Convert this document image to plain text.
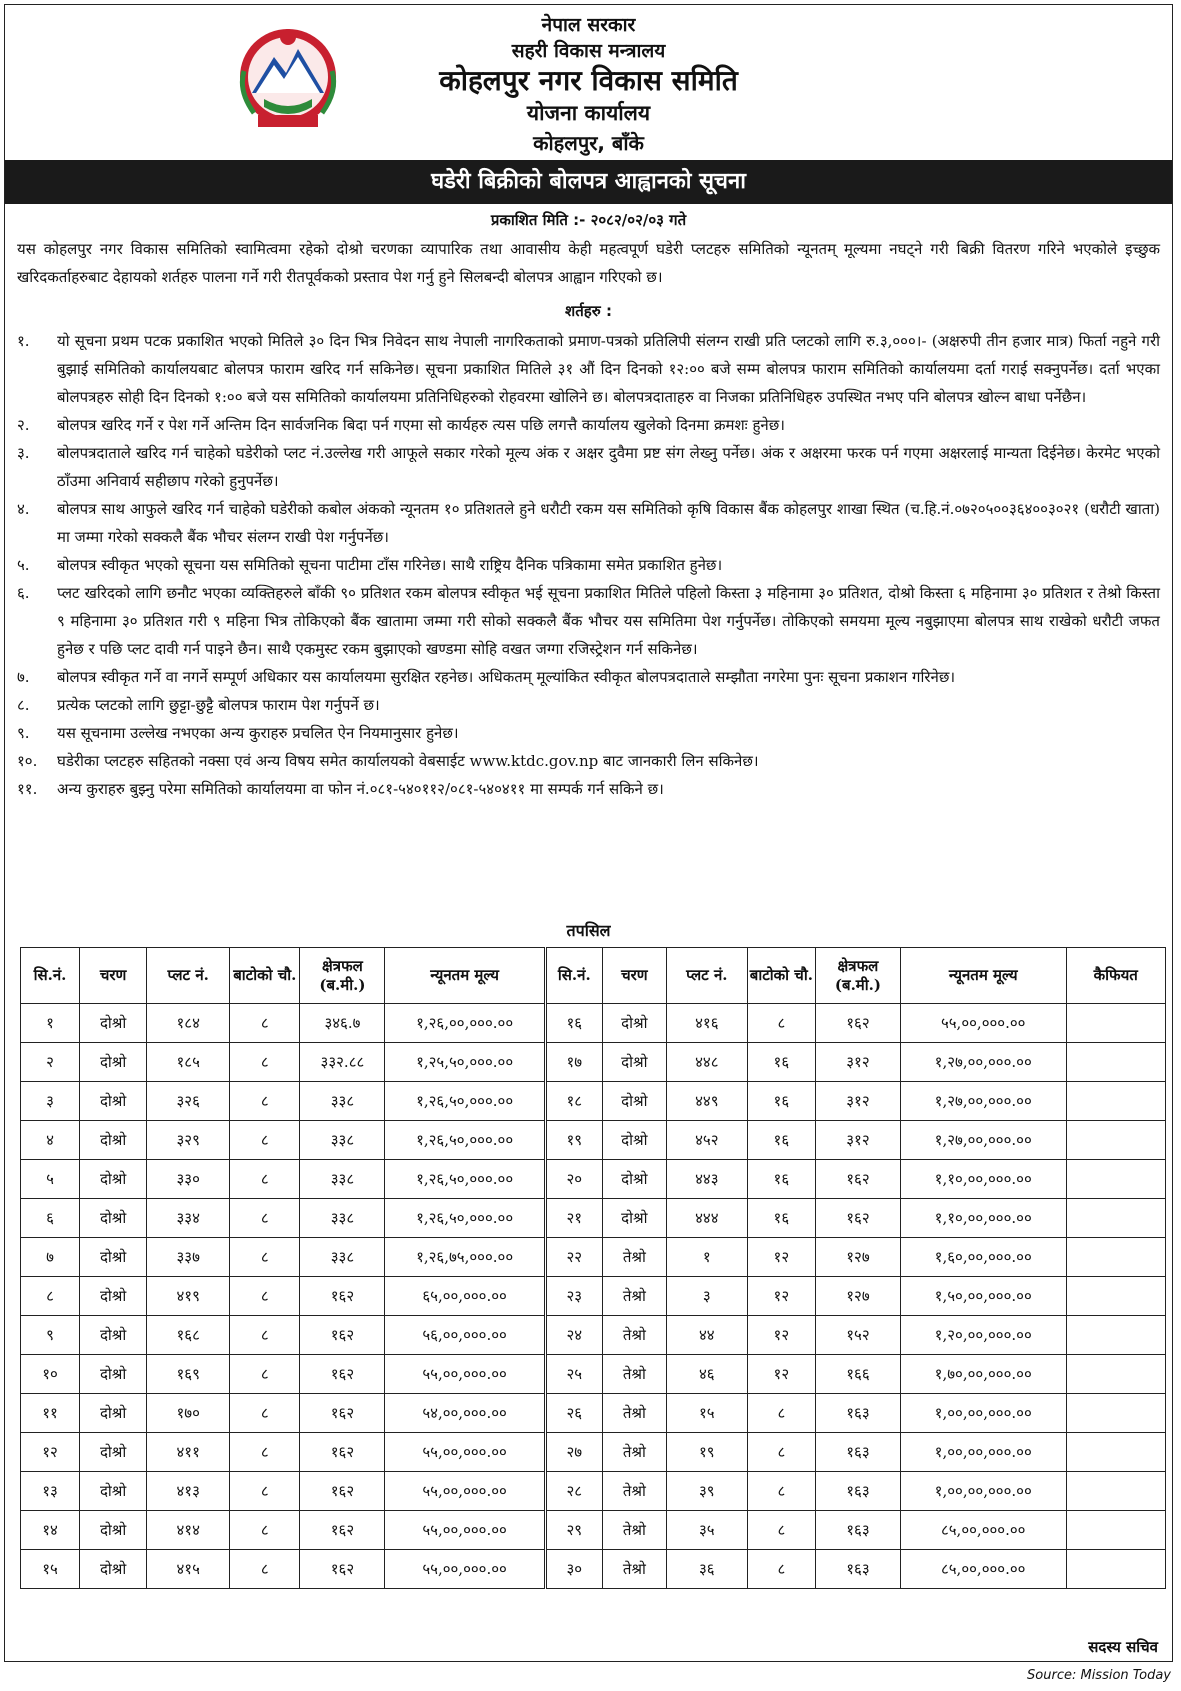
नेपाल सरकार
सहरी विकास मन्त्रालय
कोहलपुर नगर विकास समिति
योजना कार्यालय
कोहलपुर, बाँके
घडेरी बिक्रीको बोलपत्र आह्वानको सूचना
प्रकाशित मिति :- २०८२/०२/०३ गते
यस कोहलपुर नगर विकास समितिको स्वामित्वमा रहेको दोश्रो चरणका व्यापारिक तथा आवासीय केही महत्वपूर्ण घडेरी प्लटहरु समितिको न्यूनतम् मूल्यमा नघट्ने गरी बिक्री वितरण गरिने भएकोले इच्छुक खरिदकर्ताहरुबाट देहायको शर्तहरु पालना गर्ने गरी रीतपूर्वकको प्रस्ताव पेश गर्नु हुने सिलबन्दी बोलपत्र आह्वान गरिएको छ।
शर्तहरु :
१.	यो सूचना प्रथम पटक प्रकाशित भएको मितिले ३० दिन भित्र निवेदन साथ नेपाली नागरिकताको प्रमाण-पत्रको प्रतिलिपी संलग्न राखी प्रति प्लटको लागि रु.३,०००।- (अक्षरुपी तीन हजार मात्र) फिर्ता नहुने गरी बुझाई समितिको कार्यालयबाट बोलपत्र फाराम खरिद गर्न सकिनेछ। सूचना प्रकाशित मितिले ३१ औं दिन दिनको १२:०० बजे सम्म बोलपत्र फाराम समितिको कार्यालयमा दर्ता गराई सक्नुपर्नेछ। दर्ता भएका बोलपत्रहरु सोही दिन दिनको १:०० बजे यस समितिको कार्यालयमा प्रतिनिधिहरुको रोहवरमा खोलिने छ। बोलपत्रदाताहरु वा निजका प्रतिनिधिहरु उपस्थित नभए पनि बोलपत्र खोल्न बाधा पर्नेछैन।
२.	बोलपत्र खरिद गर्ने र पेश गर्ने अन्तिम दिन सार्वजनिक बिदा पर्न गएमा सो कार्यहरु त्यस पछि लगत्तै कार्यालय खुलेको दिनमा क्रमशः हुनेछ।
३.	बोलपत्रदाताले खरिद गर्न चाहेको घडेरीको प्लट नं.उल्लेख गरी आफूले सकार गरेको मूल्य अंक र अक्षर दुवैमा प्रष्ट संग लेख्नु पर्नेछ। अंक र अक्षरमा फरक पर्न गएमा अक्षरलाई मान्यता दिईनेछ। केरमेट भएको ठाँउमा अनिवार्य सहीछाप गरेको हुनुपर्नेछ।
४.	बोलपत्र साथ आफुले खरिद गर्न चाहेको घडेरीको कबोल अंकको न्यूनतम १० प्रतिशतले हुने धरौटी रकम यस समितिको कृषि विकास बैंक कोहलपुर शाखा स्थित (च.हि.नं.०७२०५००३६४००३०२१ (धरौटी खाता) मा जम्मा गरेको सक्कलै बैंक भौचर संलग्न राखी पेश गर्नुपर्नेछ।
५.	बोलपत्र स्वीकृत भएको सूचना यस समितिको सूचना पाटीमा टाँस गरिनेछ। साथै राष्ट्रिय दैनिक पत्रिकामा समेत प्रकाशित हुनेछ।
६.	प्लट खरिदको लागि छनौट भएका व्यक्तिहरुले बाँकी ९० प्रतिशत रकम बोलपत्र स्वीकृत भई सूचना प्रकाशित मितिले पहिलो किस्ता ३ महिनामा ३० प्रतिशत, दोश्रो किस्ता ६ महिनामा ३० प्रतिशत र तेश्रो किस्ता ९ महिनामा ३० प्रतिशत गरी ९ महिना भित्र तोकिएको बैंक खातामा जम्मा गरी सोको सक्कलै बैंक भौचर यस समितिमा पेश गर्नुपर्नेछ। तोकिएको समयमा मूल्य नबुझाएमा बोलपत्र साथ राखेको धरौटी जफत हुनेछ र पछि प्लट दावी गर्न पाइने छैन। साथै एकमुस्ट रकम बुझाएको खण्डमा सोहि वखत जग्गा रजिस्ट्रेशन गर्न सकिनेछ।
७.	बोलपत्र स्वीकृत गर्ने वा नगर्ने सम्पूर्ण अधिकार यस कार्यालयमा सुरक्षित रहनेछ। अधिकतम् मूल्यांकित स्वीकृत बोलपत्रदाताले सम्झौता नगरेमा पुनः सूचना प्रकाशन गरिनेछ।
८.	प्रत्येक प्लटको लागि छुट्टा-छुट्टै बोलपत्र फाराम पेश गर्नुपर्ने छ।
९.	यस सूचनामा उल्लेख नभएका अन्य कुराहरु प्रचलित ऐन नियमानुसार हुनेछ।
१०.	घडेरीका प्लटहरु सहितको नक्सा एवं अन्य विषय समेत कार्यालयको वेबसाईट www.ktdc.gov.np बाट जानकारी लिन सकिनेछ।
११.	अन्य कुराहरु बुझ्नु परेमा समितिको कार्यालयमा वा फोन नं.०८१-५४०११२/०८१-५४०४११ मा सम्पर्क गर्न सकिने छ।
तपसिल
सि.नं.	चरण	प्लट नं.	बाटोको चौ.	क्षेत्रफल (ब.मी.)	न्यूनतम मूल्य	सि.नं.	चरण	प्लट नं.	बाटोको चौ.	क्षेत्रफल (ब.मी.)	न्यूनतम मूल्य	कैफियत
१	दोश्रो	१८४	८	३४६.७	१,२६,००,०००.००	१६	दोश्रो	४१६	८	१६२	५५,००,०००.००	
२	दोश्रो	१८५	८	३३२.८८	१,२५,५०,०००.००	१७	दोश्रो	४४८	१६	३१२	१,२७,००,०००.००	
३	दोश्रो	३२६	८	३३८	१,२६,५०,०००.००	१८	दोश्रो	४४९	१६	३१२	१,२७,००,०००.००	
४	दोश्रो	३२९	८	३३८	१,२६,५०,०००.००	१९	दोश्रो	४५२	१६	३१२	१,२७,००,०००.००	
५	दोश्रो	३३०	८	३३८	१,२६,५०,०००.००	२०	दोश्रो	४४३	१६	१६२	१,१०,००,०००.००	
६	दोश्रो	३३४	८	३३८	१,२६,५०,०००.००	२१	दोश्रो	४४४	१६	१६२	१,१०,००,०००.००	
७	दोश्रो	३३७	८	३३८	१,२६,७५,०००.००	२२	तेश्रो	१	१२	१२७	१,६०,००,०००.००	
८	दोश्रो	४१९	८	१६२	६५,००,०००.००	२३	तेश्रो	३	१२	१२७	१,५०,००,०००.००	
९	दोश्रो	१६८	८	१६२	५६,००,०००.००	२४	तेश्रो	४४	१२	१५२	१,२०,००,०००.००	
१०	दोश्रो	१६९	८	१६२	५५,००,०००.००	२५	तेश्रो	४६	१२	१६६	१,७०,००,०००.००	
११	दोश्रो	१७०	८	१६२	५४,००,०००.००	२६	तेश्रो	१५	८	१६३	१,००,००,०००.००	
१२	दोश्रो	४११	८	१६२	५५,००,०००.००	२७	तेश्रो	१९	८	१६३	१,००,००,०००.००	
१३	दोश्रो	४१३	८	१६२	५५,००,०००.००	२८	तेश्रो	३९	८	१६३	१,००,००,०००.००	
१४	दोश्रो	४१४	८	१६२	५५,००,०००.००	२९	तेश्रो	३५	८	१६३	८५,००,०००.००	
१५	दोश्रो	४१५	८	१६२	५५,००,०००.००	३०	तेश्रो	३६	८	१६३	८५,००,०००.००	
सदस्य सचिव
Source: Mission Today
